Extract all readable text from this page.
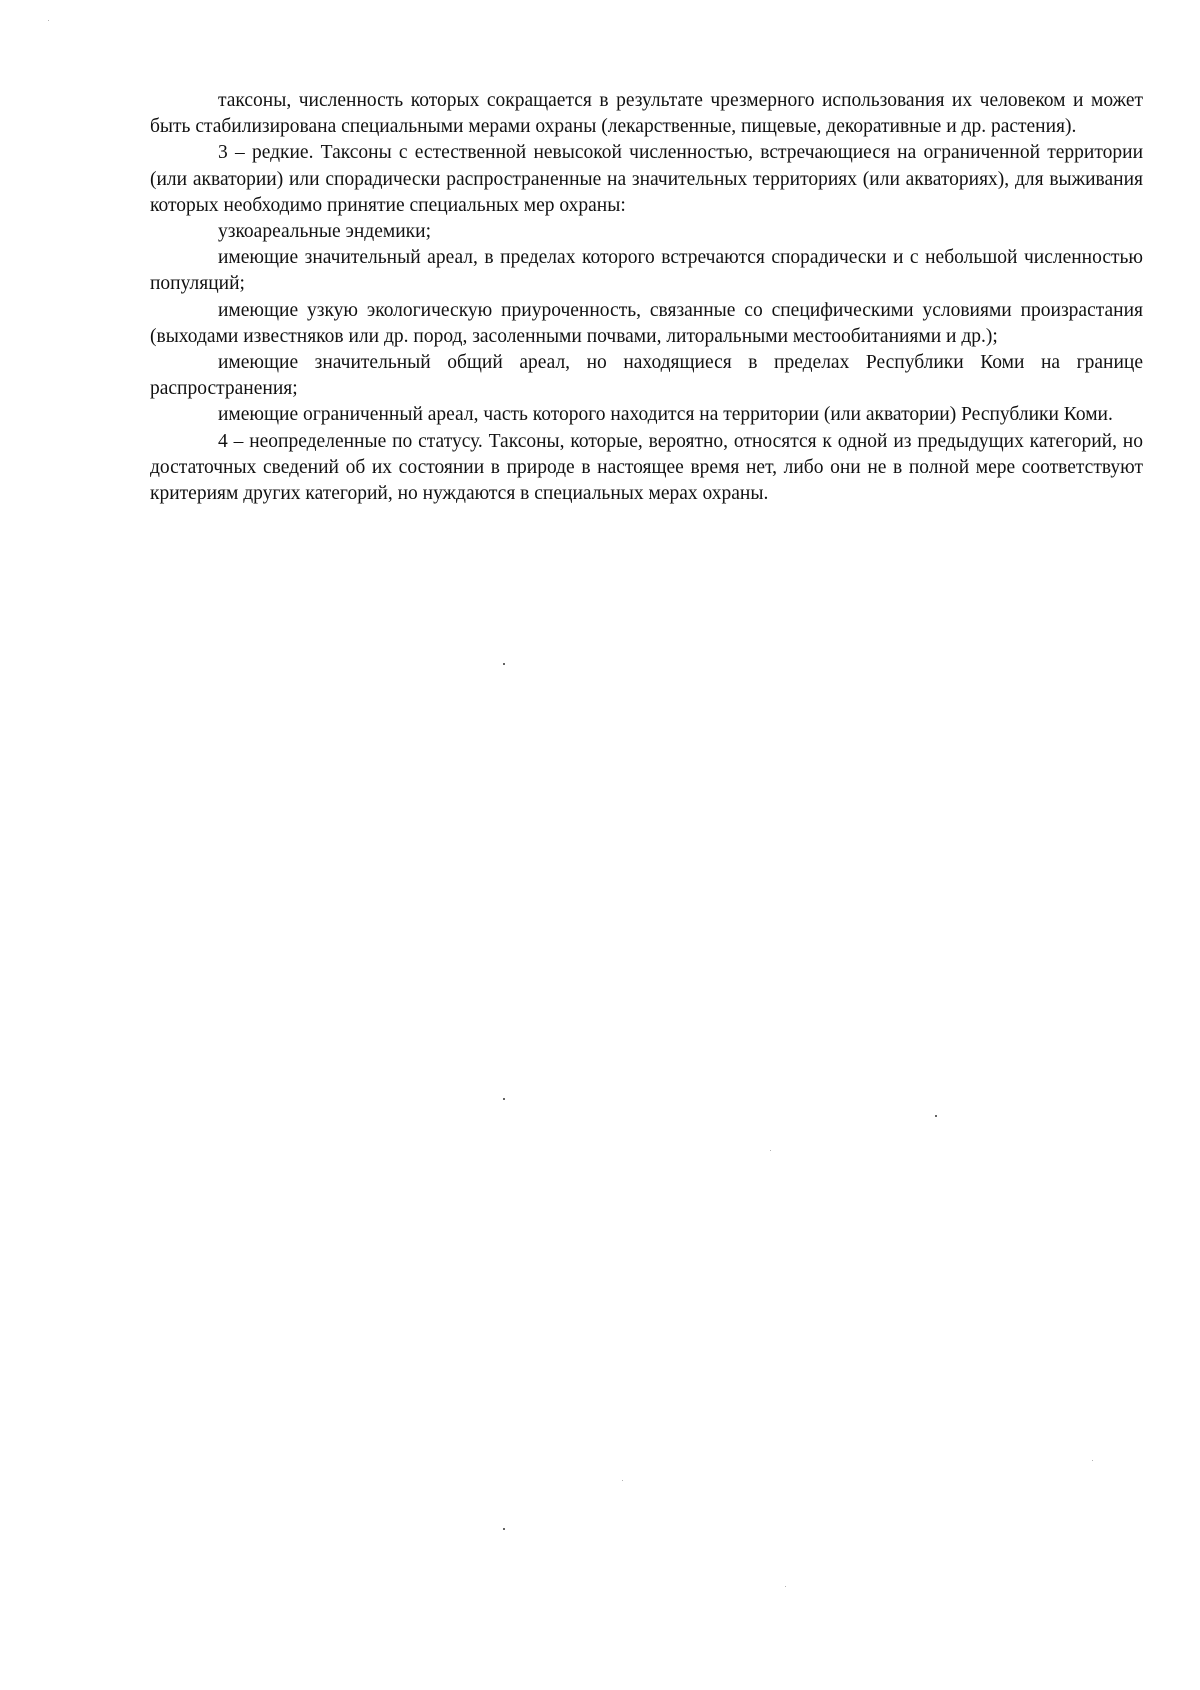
таксоны, численность которых сокращается в результате чрезмерного использования их человеком и может быть стабилизирована специальными мерами охраны (лекарственные, пищевые, декоративные и др. растения).

3 – редкие. Таксоны с естественной невысокой численностью, встречающиеся на ограниченной территории (или акватории) или спорадически распространенные на значительных территориях (или акваториях), для выживания которых необходимо принятие специальных мер охраны:

узкоареальные эндемики;

имеющие значительный ареал, в пределах которого встречаются спорадически и с небольшой численностью популяций;

имеющие узкую экологическую приуроченность, связанные со специфическими условиями произрастания (выходами известняков или др. пород, засоленными почвами, литоральными местообитаниями и др.);

имеющие значительный общий ареал, но находящиеся в пределах Республики Коми на границе распространения;

имеющие ограниченный ареал, часть которого находится на территории (или акватории) Республики Коми.

4 – неопределенные по статусу. Таксоны, которые, вероятно, относятся к одной из предыдущих категорий, но достаточных сведений об их состоянии в природе в настоящее время нет, либо они не в полной мере соответствуют критериям других категорий, но нуждаются в специальных мерах охраны.
